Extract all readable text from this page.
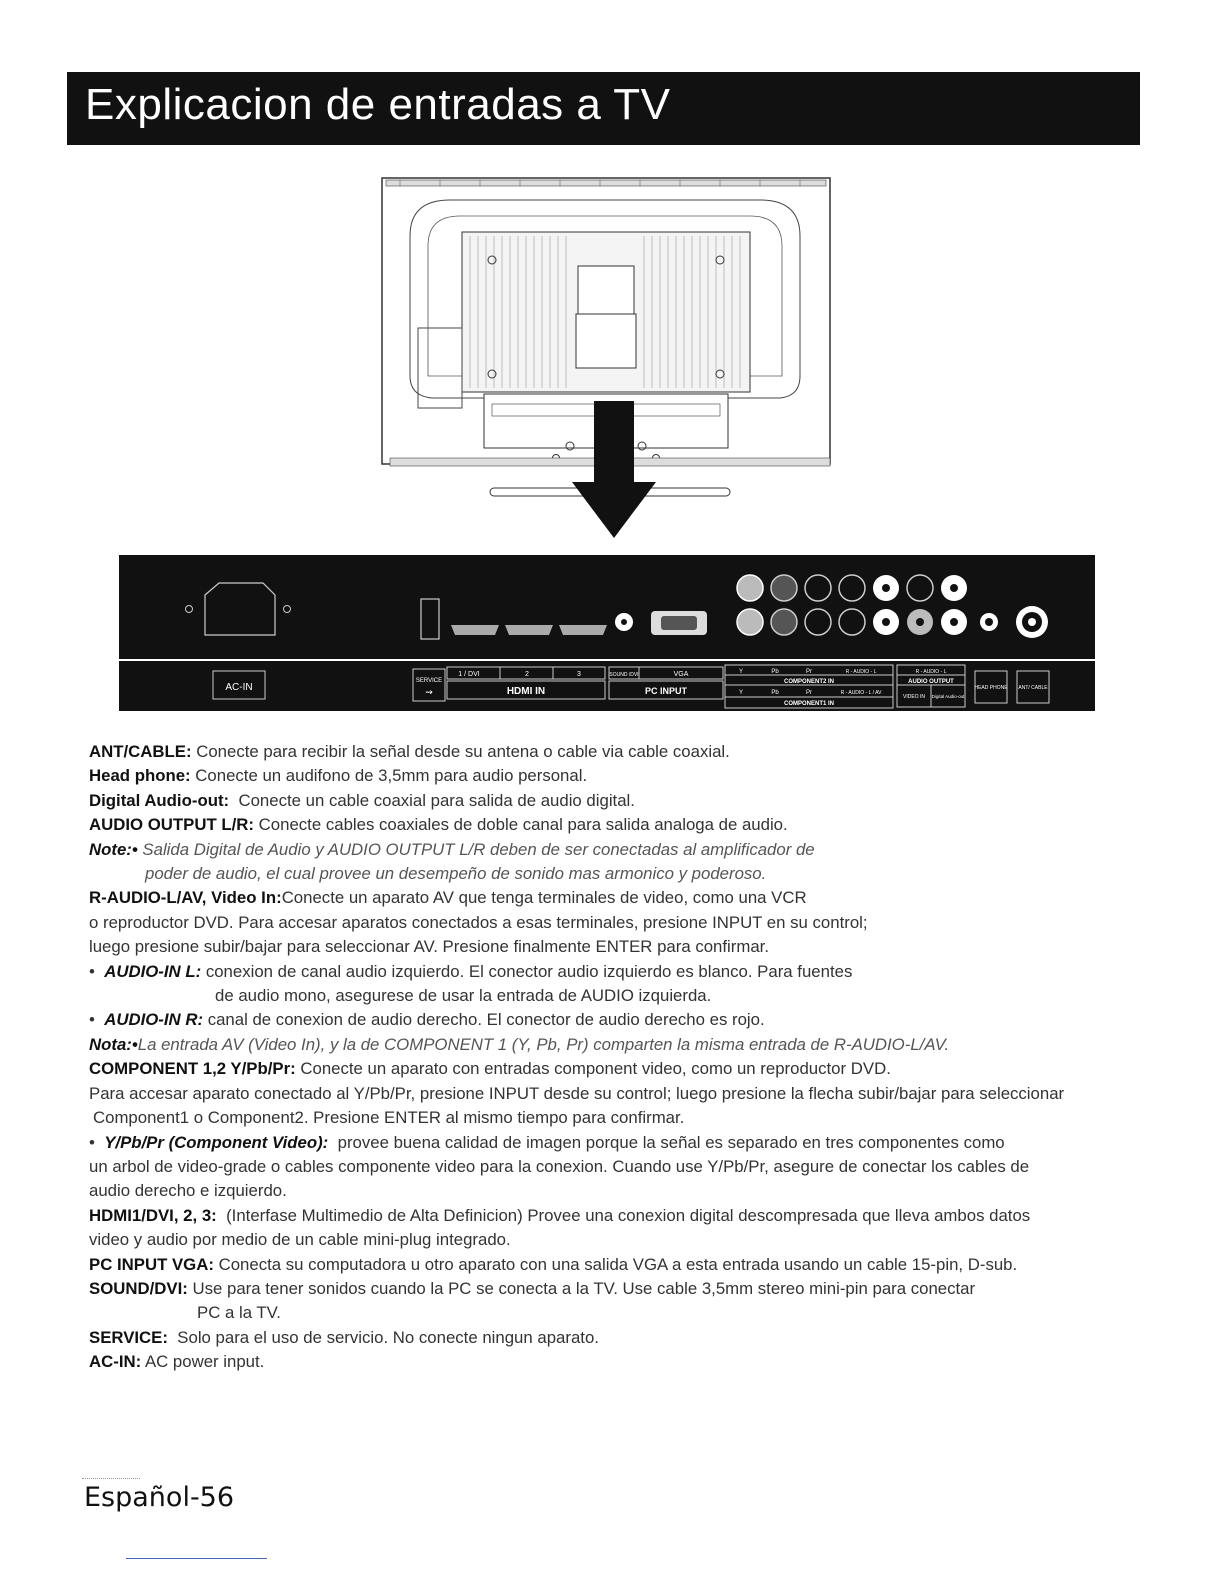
Explicacion de entradas a TV
AC-IN
SERVICE
⇝
1 / DVI	2	3
HDMI IN
SOUND /DVI	VGA
PC INPUT
Y	Pb	Pr	R - AUDIO - L
COMPONENT2 IN
Y	Pb	Pr	R - AUDIO - L / AV
COMPONENT1 IN
R - AUDIO - L
AUDIO OUTPUT
VIDEO IN Digital Audio-out
HEAD PHONE ANT/ CABLE

ANT/CABLE: Conecte para recibir la señal desde su antena o cable via cable coaxial.

Head phone: Conecte un audifono de 3,5mm para audio personal.

Digital Audio-out:  Conecte un cable coaxial para salida de audio digital.

AUDIO OUTPUT L/R: Conecte cables coaxiales de doble canal para salida analoga de audio.

Note:• Salida Digital de Audio y AUDIO OUTPUT L/R deben de ser conectadas al amplificador de

poder de audio, el cual provee un desempeño de sonido mas armonico y poderoso.

R-AUDIO-L/AV, Video In:Conecte un aparato AV que tenga terminales de video, como una VCR

o reproductor DVD. Para accesar aparatos conectados a esas terminales, presione INPUT en su control;

luego presione subir/bajar para seleccionar AV. Presione finalmente ENTER para confirmar.

• AUDIO-IN L: conexion de canal audio izquierdo. El conector audio izquierdo es blanco. Para fuentes

de audio mono, asegurese de usar la entrada de AUDIO izquierda.

• AUDIO-IN R: canal de conexion de audio derecho. El conector de audio derecho es rojo.

Nota:•La entrada AV (Video In), y la de COMPONENT 1 (Y, Pb, Pr) comparten la misma entrada de R-AUDIO-L/AV.

COMPONENT 1,2 Y/Pb/Pr: Conecte un aparato con entradas component video, como un reproductor DVD.

Para accesar aparato conectado al Y/Pb/Pr, presione INPUT desde su control; luego presione la flecha subir/bajar para seleccionar

Component1 o Component2. Presione ENTER al mismo tiempo para confirmar.

• Y/Pb/Pr (Component Video):  provee buena calidad de imagen porque la señal es separado en tres componentes como

un arbol de video-grade o cables componente video para la conexion. Cuando use Y/Pb/Pr, asegure de conectar los cables de

audio derecho e izquierdo.

HDMI1/DVI, 2, 3:  (Interfase Multimedio de Alta Definicion) Provee una conexion digital descompresada que lleva ambos datos

video y audio por medio de un cable mini-plug integrado.

PC INPUT VGA: Conecta su computadora u otro aparato con una salida VGA a esta entrada usando un cable 15-pin, D-sub.

SOUND/DVI: Use para tener sonidos cuando la PC se conecta a la TV. Use cable 3,5mm stereo mini-pin para conectar

PC a la TV.

SERVICE:  Solo para el uso de servicio. No conecte ningun aparato.

AC-IN: AC power input.

Español-56
